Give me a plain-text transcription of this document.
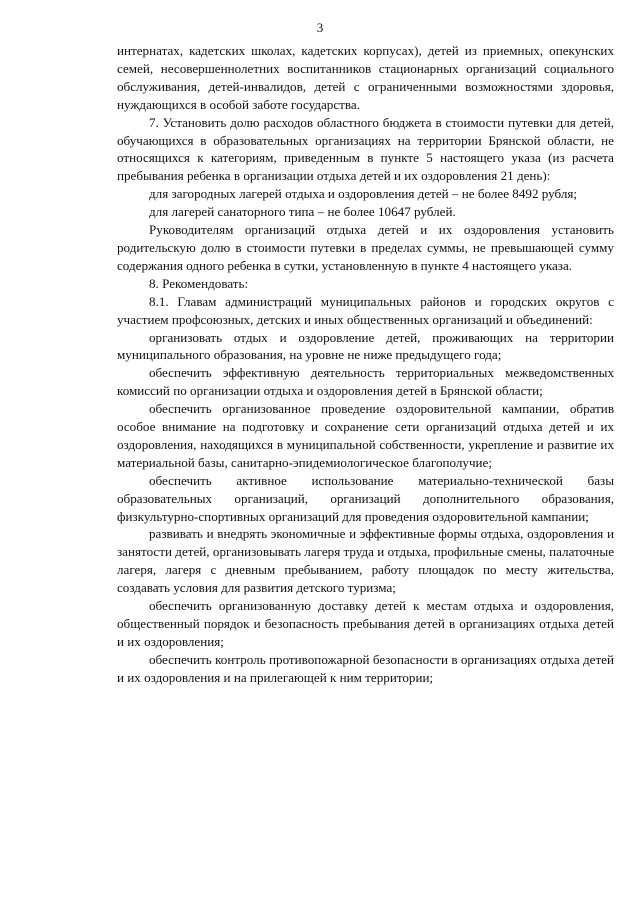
3

интернатах, кадетских школах, кадетских корпусах), детей из приемных, опекунских семей, несовершеннолетних воспитанников стационарных организаций социального обслуживания, детей-инвалидов, детей с ограниченными возможностями здоровья, нуждающихся в особой заботе государства.

7. Установить долю расходов областного бюджета в стоимости путевки для детей, обучающихся в образовательных организациях на территории Брянской области, не относящихся к категориям, приведенным в пункте 5 настоящего указа (из расчета пребывания ребенка в организации отдыха детей и их оздоровления 21 день):

для загородных лагерей отдыха и оздоровления детей – не более 8492 рубля;

для лагерей санаторного типа – не более 10647 рублей.

Руководителям организаций отдыха детей и их оздоровления установить родительскую долю в стоимости путевки в пределах суммы, не превышающей сумму содержания одного ребенка в сутки, установленную в пункте 4 настоящего указа.

8. Рекомендовать:

8.1. Главам администраций муниципальных районов и городских округов с участием профсоюзных, детских и иных общественных организаций и объединений:

организовать отдых и оздоровление детей, проживающих на территории муниципального образования, на уровне не ниже предыдущего года;

обеспечить эффективную деятельность территориальных межведомственных комиссий по организации отдыха и оздоровления детей в Брянской области;

обеспечить организованное проведение оздоровительной кампании, обратив особое внимание на подготовку и сохранение сети организаций отдыха детей и их оздоровления, находящихся в муниципальной собственности, укрепление и развитие их материальной базы, санитарно-эпидемиологическое благополучие;

обеспечить активное использование материально-технической базы образовательных организаций, организаций дополнительного образования, физкультурно-спортивных организаций для проведения оздоровительной кампании;

развивать и внедрять экономичные и эффективные формы отдыха, оздоровления и занятости детей, организовывать лагеря труда и отдыха, профильные смены, палаточные лагеря, лагеря с дневным пребыванием, работу площадок по месту жительства, создавать условия для развития детского туризма;

обеспечить организованную доставку детей к местам отдыха и оздоровления, общественный порядок и безопасность пребывания детей в организациях отдыха детей и их оздоровления;

обеспечить контроль противопожарной безопасности в организациях отдыха детей и их оздоровления и на прилегающей к ним территории;
